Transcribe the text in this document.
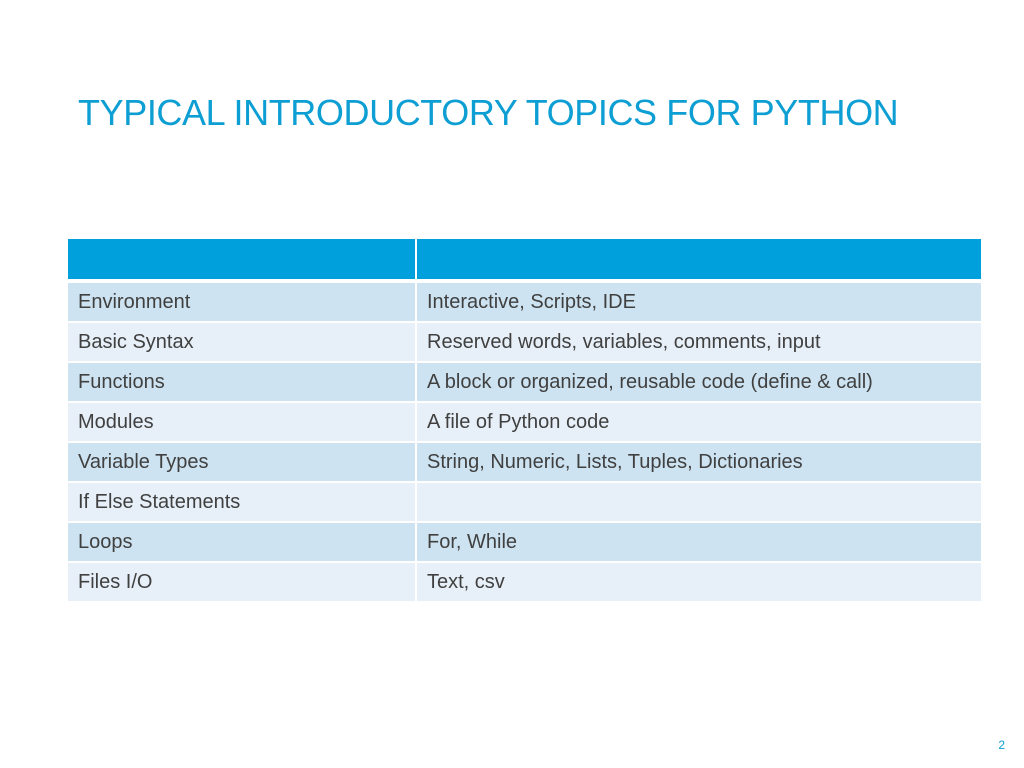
TYPICAL INTRODUCTORY TOPICS FOR PYTHON

Environment	Interactive, Scripts, IDE
Basic Syntax	Reserved words, variables, comments, input
Functions	A block or organized, reusable code (define & call)
Modules	A file of Python code
Variable Types	String, Numeric, Lists, Tuples, Dictionaries
If Else Statements	
Loops	For, While
Files I/O	Text, csv
2
